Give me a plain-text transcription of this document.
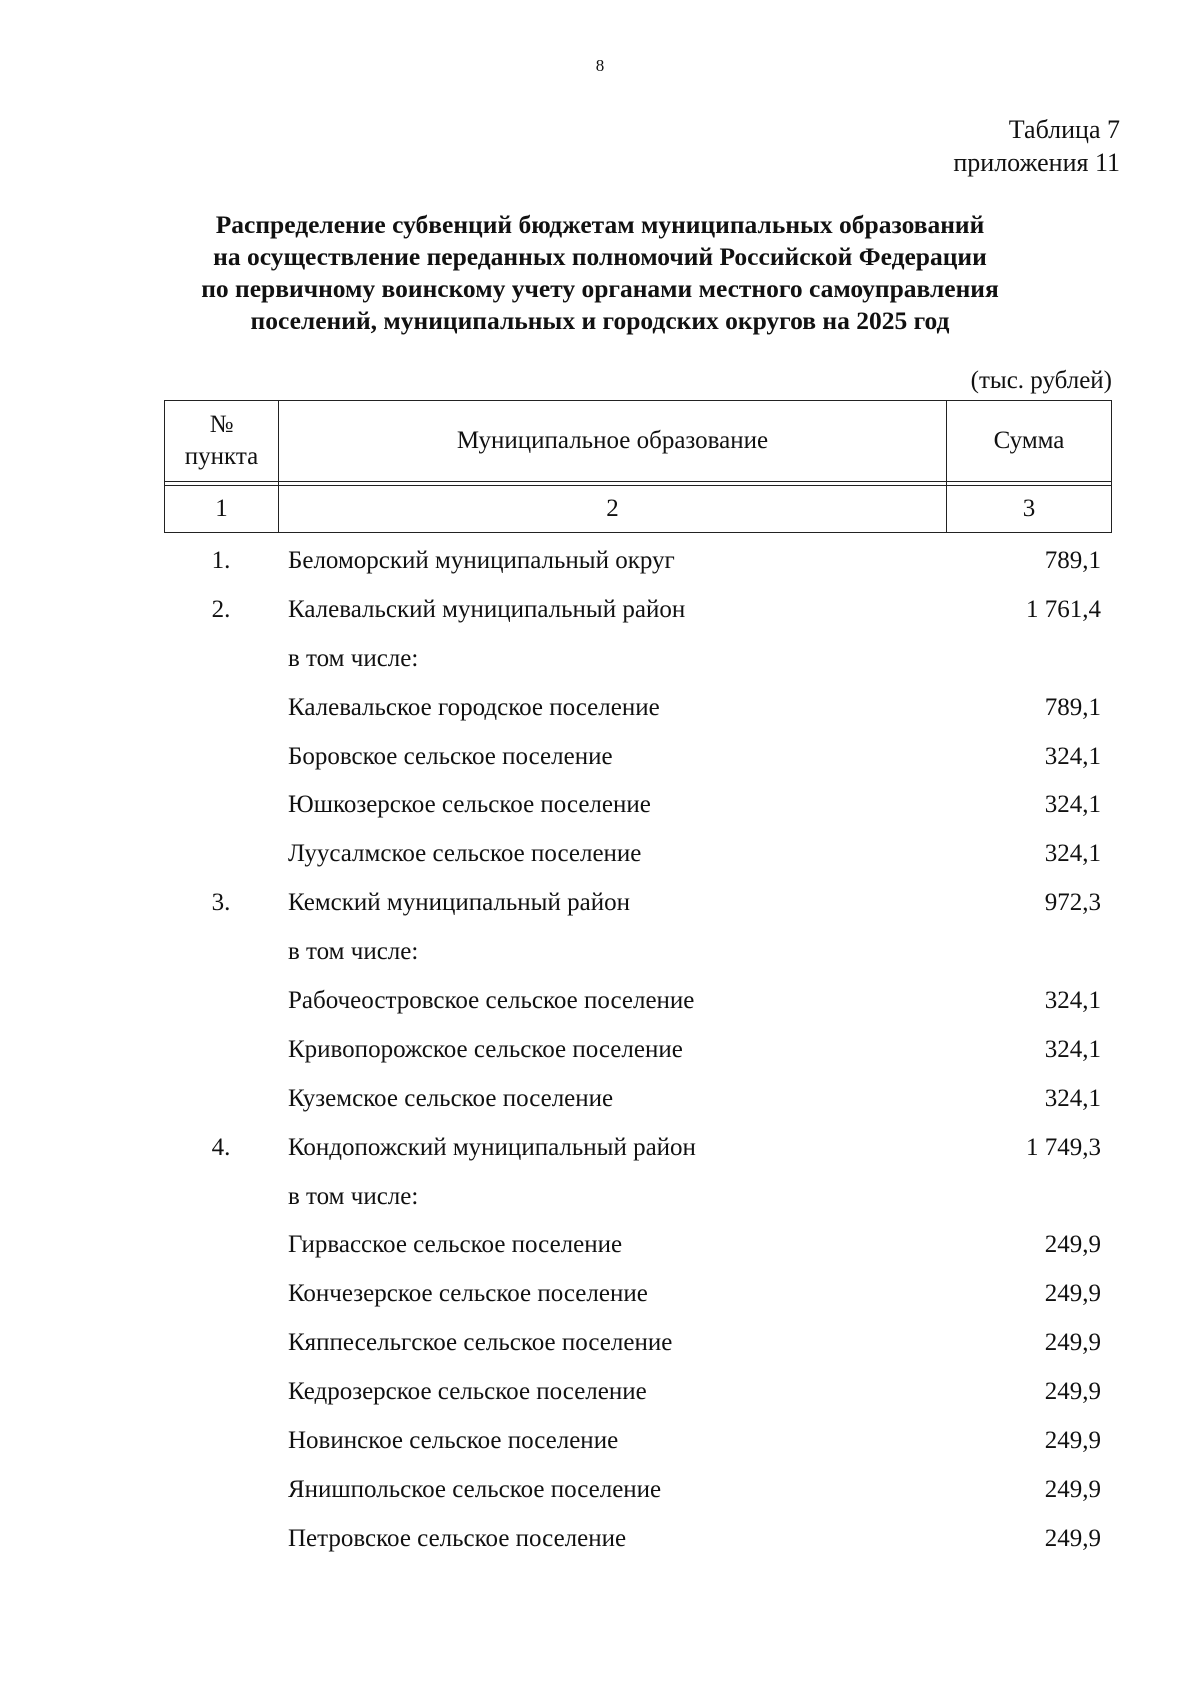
8
Таблица 7
приложения 11
Распределение субвенций бюджетам муниципальных образований
на осуществление переданных полномочий Российской Федерации
по первичному воинскому учету органами местного самоуправления
поселений, муниципальных и городских округов на 2025 год
(тыс. рублей)
№
пункта	Муниципальное образование	Сумма

1	2	3
1.	Беломорский муниципальный округ	789,1
2.	Калевальский муниципальный район	1 761,4
в том числе:
Калевальское городское поселение	789,1
Боровское сельское поселение	324,1
Юшкозерское сельское поселение	324,1
Луусалмское сельское поселение	324,1
3.	Кемский муниципальный район	972,3
в том числе:
Рабочеостровское сельское поселение	324,1
Кривопорожское сельское поселение	324,1
Куземское сельское поселение	324,1
4.	Кондопожский муниципальный район	1 749,3
в том числе:
Гирвасское сельское поселение	249,9
Кончезерское сельское поселение	249,9
Кяппесельгское сельское поселение	249,9
Кедрозерское сельское поселение	249,9
Новинское сельское поселение	249,9
Янишпольское сельское поселение	249,9
Петровское сельское поселение	249,9
